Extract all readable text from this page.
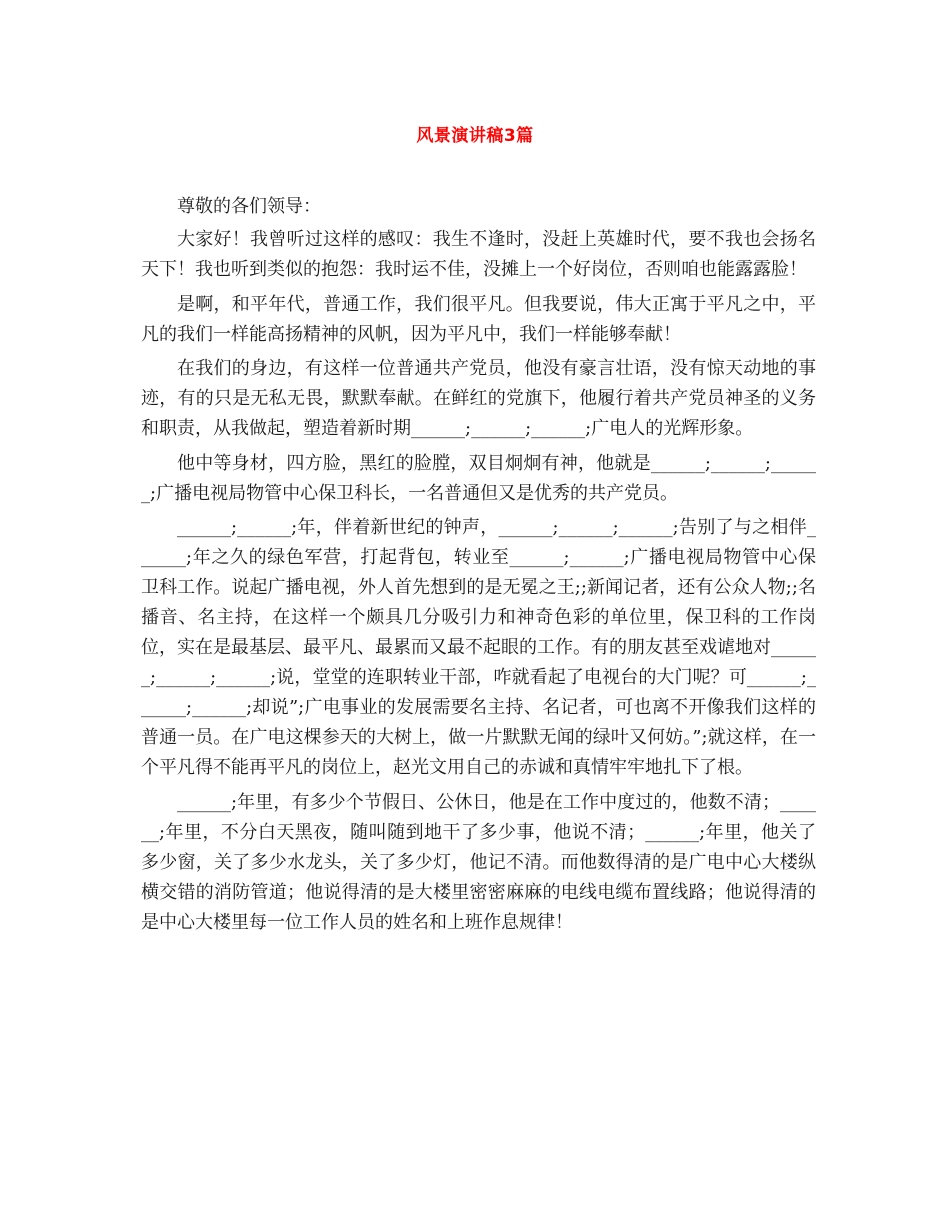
风景演讲稿3篇

尊敬的各们领导：

大家好！我曾听过这样的感叹：我生不逢时，没赶上英雄时代，要不我也会扬名天下！我也听到类似的抱怨：我时运不佳，没摊上一个好岗位，否则咱也能露露脸！

是啊，和平年代，普通工作，我们很平凡。但我要说，伟大正寓于平凡之中，平凡的我们一样能高扬精神的风帆，因为平凡中，我们一样能够奉献！

在我们的身边，有这样一位普通共产党员，他没有豪言壮语，没有惊天动地的事迹，有的只是无私无畏，默默奉献。在鲜红的党旗下，他履行着共产党员神圣的义务和职责，从我做起，塑造着新时期______;______;______;广电人的光辉形象。

他中等身材，四方脸，黑红的脸膛，双目炯炯有神，他就是______;______;______;广播电视局物管中心保卫科长，一名普通但又是优秀的共产党员。

______;______;年，伴着新世纪的钟声，______;______;______;告别了与之相伴______;年之久的绿色军营，打起背包，转业至______;______;广播电视局物管中心保卫科工作。说起广播电视，外人首先想到的是无冕之王;;新闻记者，还有公众人物;;名播音、名主持，在这样一个颇具几分吸引力和神奇色彩的单位里，保卫科的工作岗位，实在是最基层、最平凡、最累而又最不起眼的工作。有的朋友甚至戏谑地对______;______;______;说，堂堂的连职转业干部，咋就看起了电视台的大门呢？可______;______;______;却说”;广电事业的发展需要名主持、名记者，可也离不开像我们这样的普通一员。在广电这棵参天的大树上，做一片默默无闻的绿叶又何妨。”;就这样，在一个平凡得不能再平凡的岗位上，赵光文用自己的赤诚和真情牢牢地扎下了根。

______;年里，有多少个节假日、公休日，他是在工作中度过的，他数不清；______;年里，不分白天黑夜，随叫随到地干了多少事，他说不清；______;年里，他关了多少窗，关了多少水龙头，关了多少灯，他记不清。而他数得清的是广电中心大楼纵横交错的消防管道；他说得清的是大楼里密密麻麻的电线电缆布置线路；他说得清的是中心大楼里每一位工作人员的姓名和上班作息规律！
